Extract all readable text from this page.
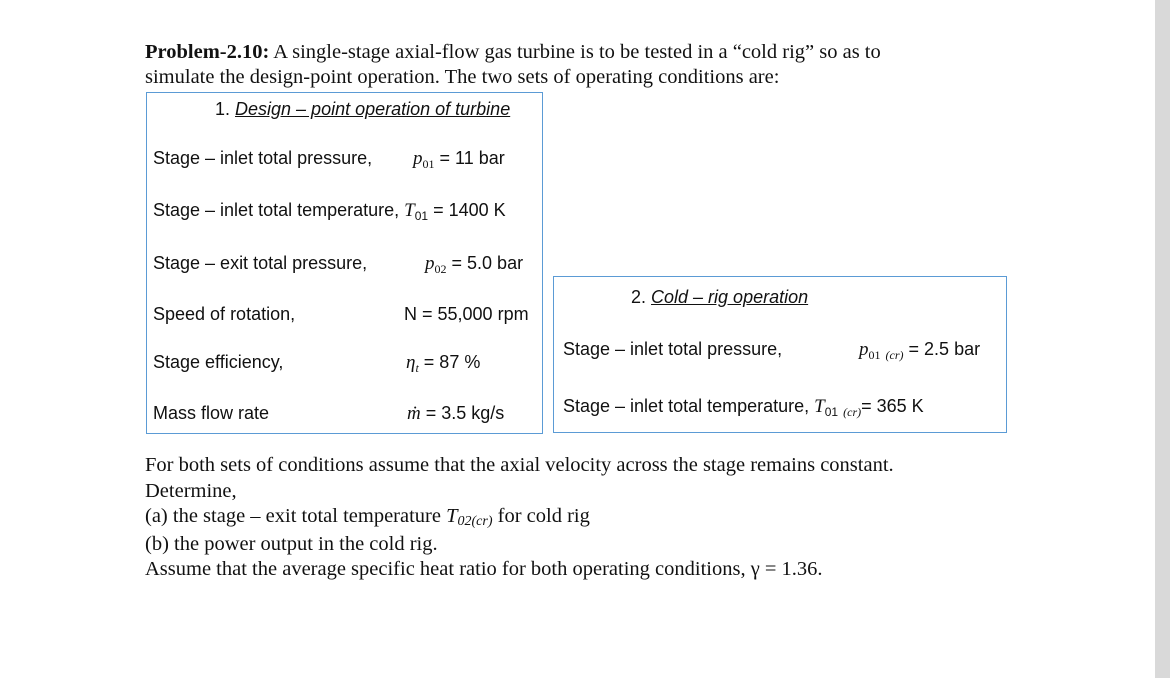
Problem-2.10: A single-stage axial-flow gas turbine is to be tested in a “cold rig” so as to
simulate the design-point operation. The two sets of operating conditions are:
1. Design – point operation of turbine
Stage – inlet total pressure, $p_{01} = 11$ bar
Stage – inlet total temperature, $T_{01} = 1400$ K
Stage – exit total pressure,	$p_{02} = 5.0$ bar
Speed of rotation,	N = 55,000 rpm
Stage efficiency,	$\eta_t = 87$ %
Mass flow rate	ṁ = 3.5 kg/s
2. Cold – rig operation
Stage – inlet total pressure,	$p_{01}$ $_{(cr)}$ = 2.5 bar
Stage – inlet total temperature, $T_{01}$ $_{(cr)}$= 365 K

For both sets of conditions assume that the axial velocity across the stage remains constant.

Determine,

(a) the stage – exit total temperature T02(cr) for cold rig

(b) the power output in the cold rig.

Assume that the average specific heat ratio for both operating conditions, γ = 1.36.
